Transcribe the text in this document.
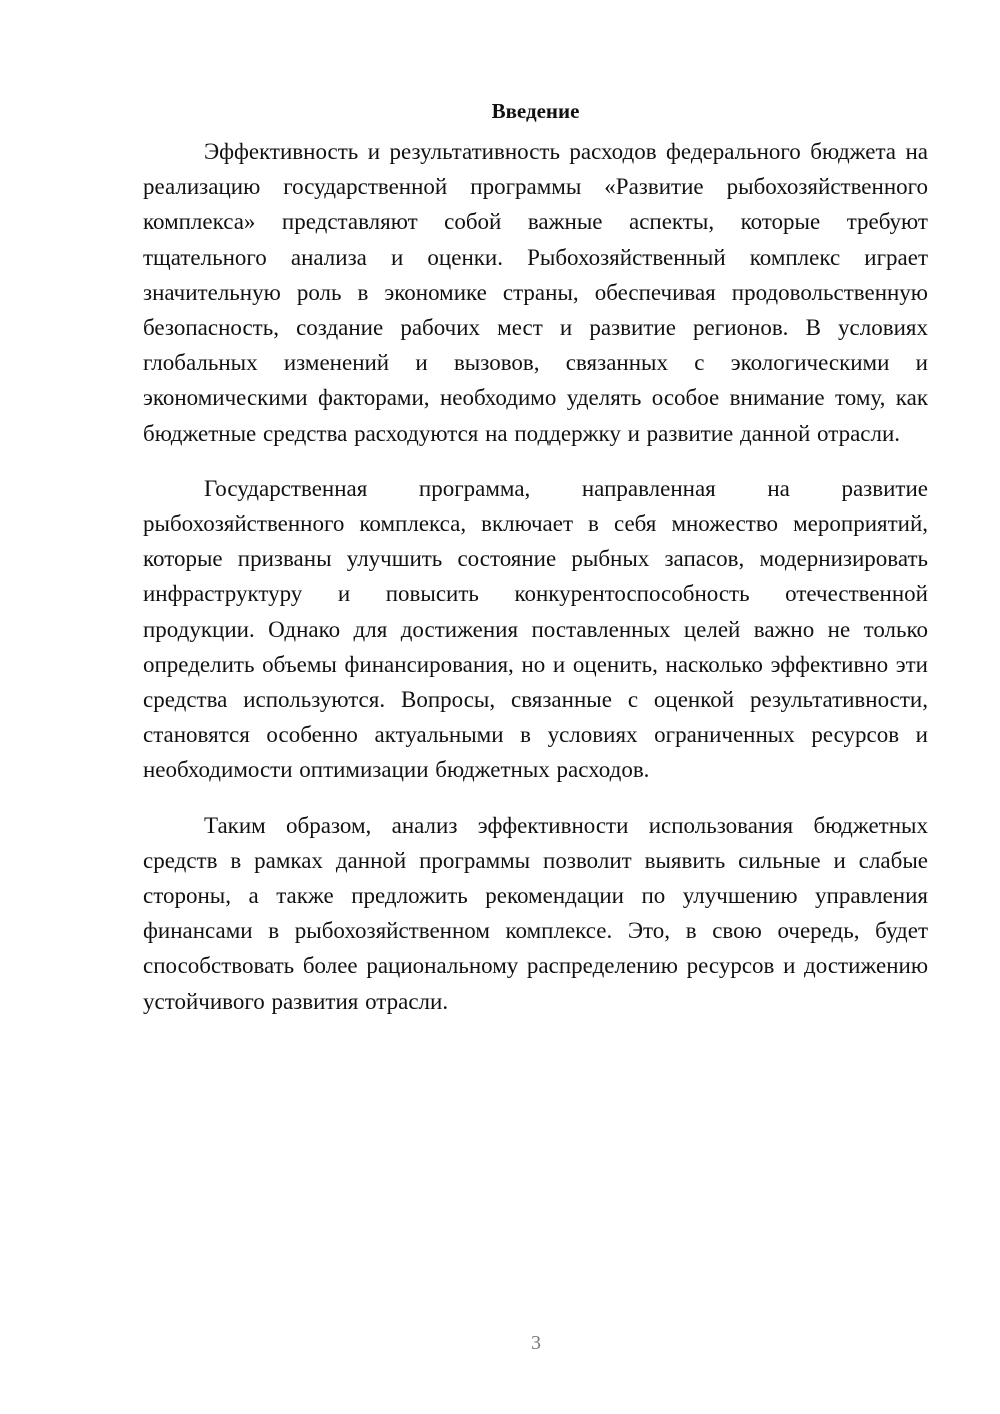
Введение

Эффективность и результативность расходов федерального бюджета на реализацию государственной программы «Развитие рыбохозяйственного комплекса» представляют собой важные аспекты, которые требуют тщательного анализа и оценки. Рыбохозяйственный комплекс играет значительную роль в экономике страны, обеспечивая продовольственную безопасность, создание рабочих мест и развитие регионов. В условиях глобальных изменений и вызовов, связанных с экологическими и экономическими факторами, необходимо уделять особое внимание тому, как бюджетные средства расходуются на поддержку и развитие данной отрасли.

Государственная программа, направленная на развитие рыбохозяйственного комплекса, включает в себя множество мероприятий, которые призваны улучшить состояние рыбных запасов, модернизировать инфраструктуру и повысить конкурентоспособность отечественной продукции. Однако для достижения поставленных целей важно не только определить объемы финансирования, но и оценить, насколько эффективно эти средства используются. Вопросы, связанные с оценкой результативности, становятся особенно актуальными в условиях ограниченных ресурсов и необходимости оптимизации бюджетных расходов.

Таким образом, анализ эффективности использования бюджетных средств в рамках данной программы позволит выявить сильные и слабые стороны, а также предложить рекомендации по улучшению управления финансами в рыбохозяйственном комплексе. Это, в свою очередь, будет способствовать более рациональному распределению ресурсов и достижению устойчивого развития отрасли.

3
